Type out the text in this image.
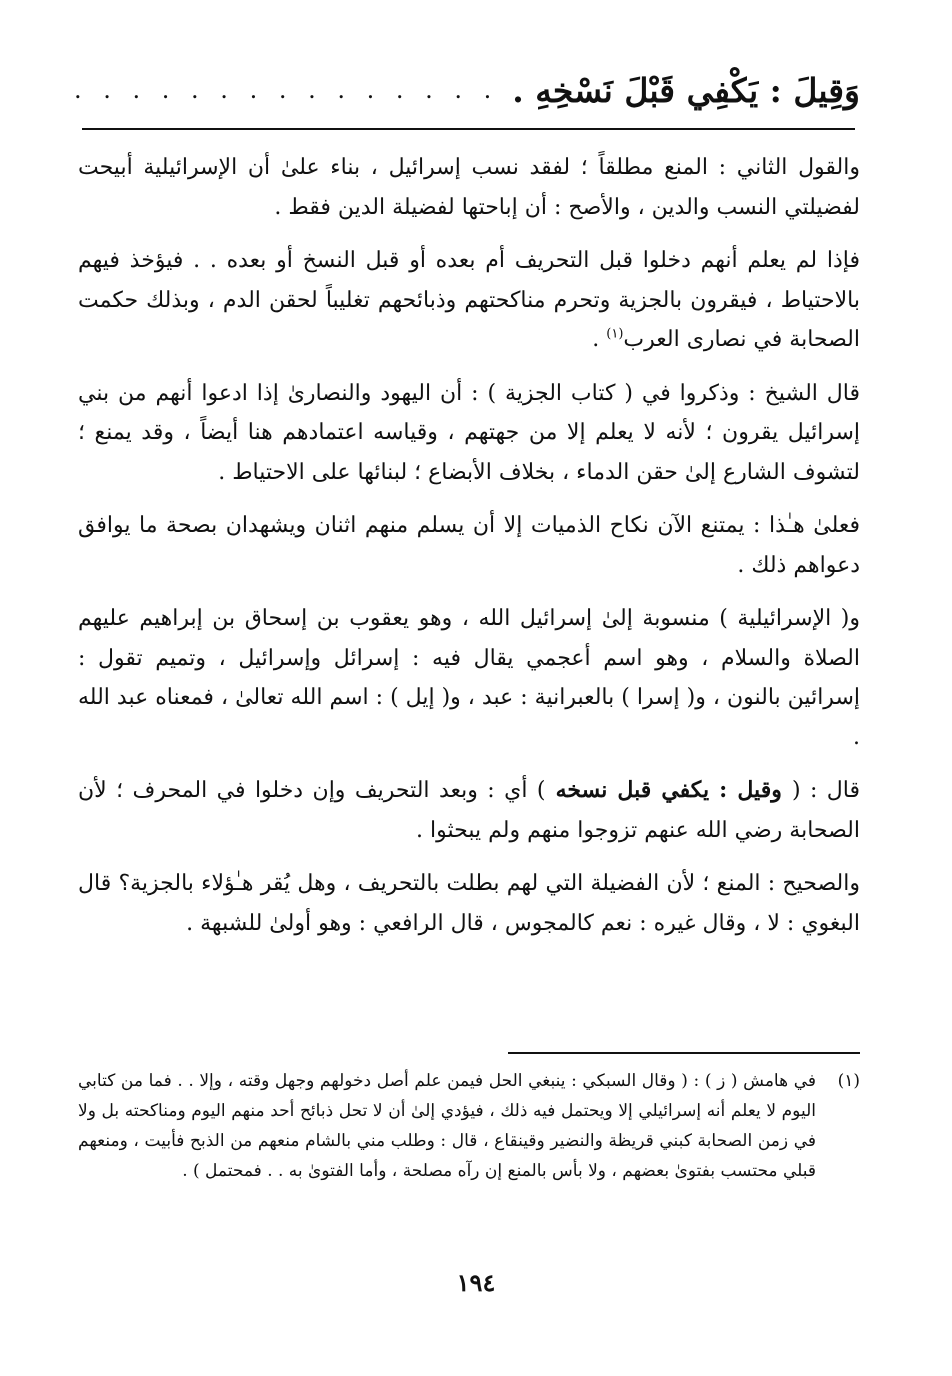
وَقِيلَ : يَكْفِي قَبْلَ نَسْخِهِ .
. . . . . . . . . . . . . . .

والقول الثاني : المنع مطلقاً ؛ لفقد نسب إسرائيل ، بناء علىٰ أن الإسرائيلية أبيحت لفضيلتي النسب والدين ، والأصح : أن إباحتها لفضيلة الدين فقط .

فإذا لم يعلم أنهم دخلوا قبل التحريف أم بعده أو قبل النسخ أو بعده . . فيؤخذ فيهم بالاحتياط ، فيقرون بالجزية وتحرم مناكحتهم وذبائحهم تغليباً لحقن الدم ، وبذلك حكمت الصحابة في نصارى العرب$^{(١)}$ .

قال الشيخ : وذكروا في ( كتاب الجزية ) : أن اليهود والنصارىٰ إذا ادعوا أنهم من بني إسرائيل يقرون ؛ لأنه لا يعلم إلا من جهتهم ، وقياسه اعتمادهم هنا أيضاً ، وقد يمنع ؛ لتشوف الشارع إلىٰ حقن الدماء ، بخلاف الأبضاع ؛ لبنائها على الاحتياط .

فعلىٰ هـٰذا : يمتنع الآن نكاح الذميات إلا أن يسلم منهم اثنان ويشهدان بصحة ما يوافق دعواهم ذلك .

و( الإسرائيلية ) منسوبة إلىٰ إسرائيل الله ، وهو يعقوب بن إسحاق بن إبراهيم عليهم الصلاة والسلام ، وهو اسم أعجمي يقال فيه : إسرائل وإسرائيل ، وتميم تقول : إسرائين بالنون ، و( إسرا ) بالعبرانية : عبد ، و( إيل ) : اسم الله تعالىٰ ، فمعناه عبد الله .

قال : ( وقيل : يكفي قبل نسخه ) أي : وبعد التحريف وإن دخلوا في المحرف ؛ لأن الصحابة رضي الله عنهم تزوجوا منهم ولم يبحثوا .

والصحيح : المنع ؛ لأن الفضيلة التي لهم بطلت بالتحريف ، وهل يُقر هـٰؤلاء بالجزية؟ قال البغوي : لا ، وقال غيره : نعم كالمجوس ، قال الرافعي : وهو أولىٰ للشبهة .

(١)
في هامش ( ز ) : ( وقال السبكي : ينبغي الحل فيمن علم أصل دخولهم وجهل وقته ، وإلا . . فما من كتابي اليوم لا يعلم أنه إسرائيلي إلا ويحتمل فيه ذلك ، فيؤدي إلىٰ أن لا تحل ذبائح أحد منهم اليوم ومناكحته بل ولا في زمن الصحابة كبني قريظة والنضير وقينقاع ، قال : وطلب مني بالشام منعهم من الذبح فأبيت ، ومنعهم قبلي محتسب بفتوىٰ بعضهم ، ولا بأس بالمنع إن رآه مصلحة ، وأما الفتوىٰ به . . فمحتمل ) .
١٩٤
